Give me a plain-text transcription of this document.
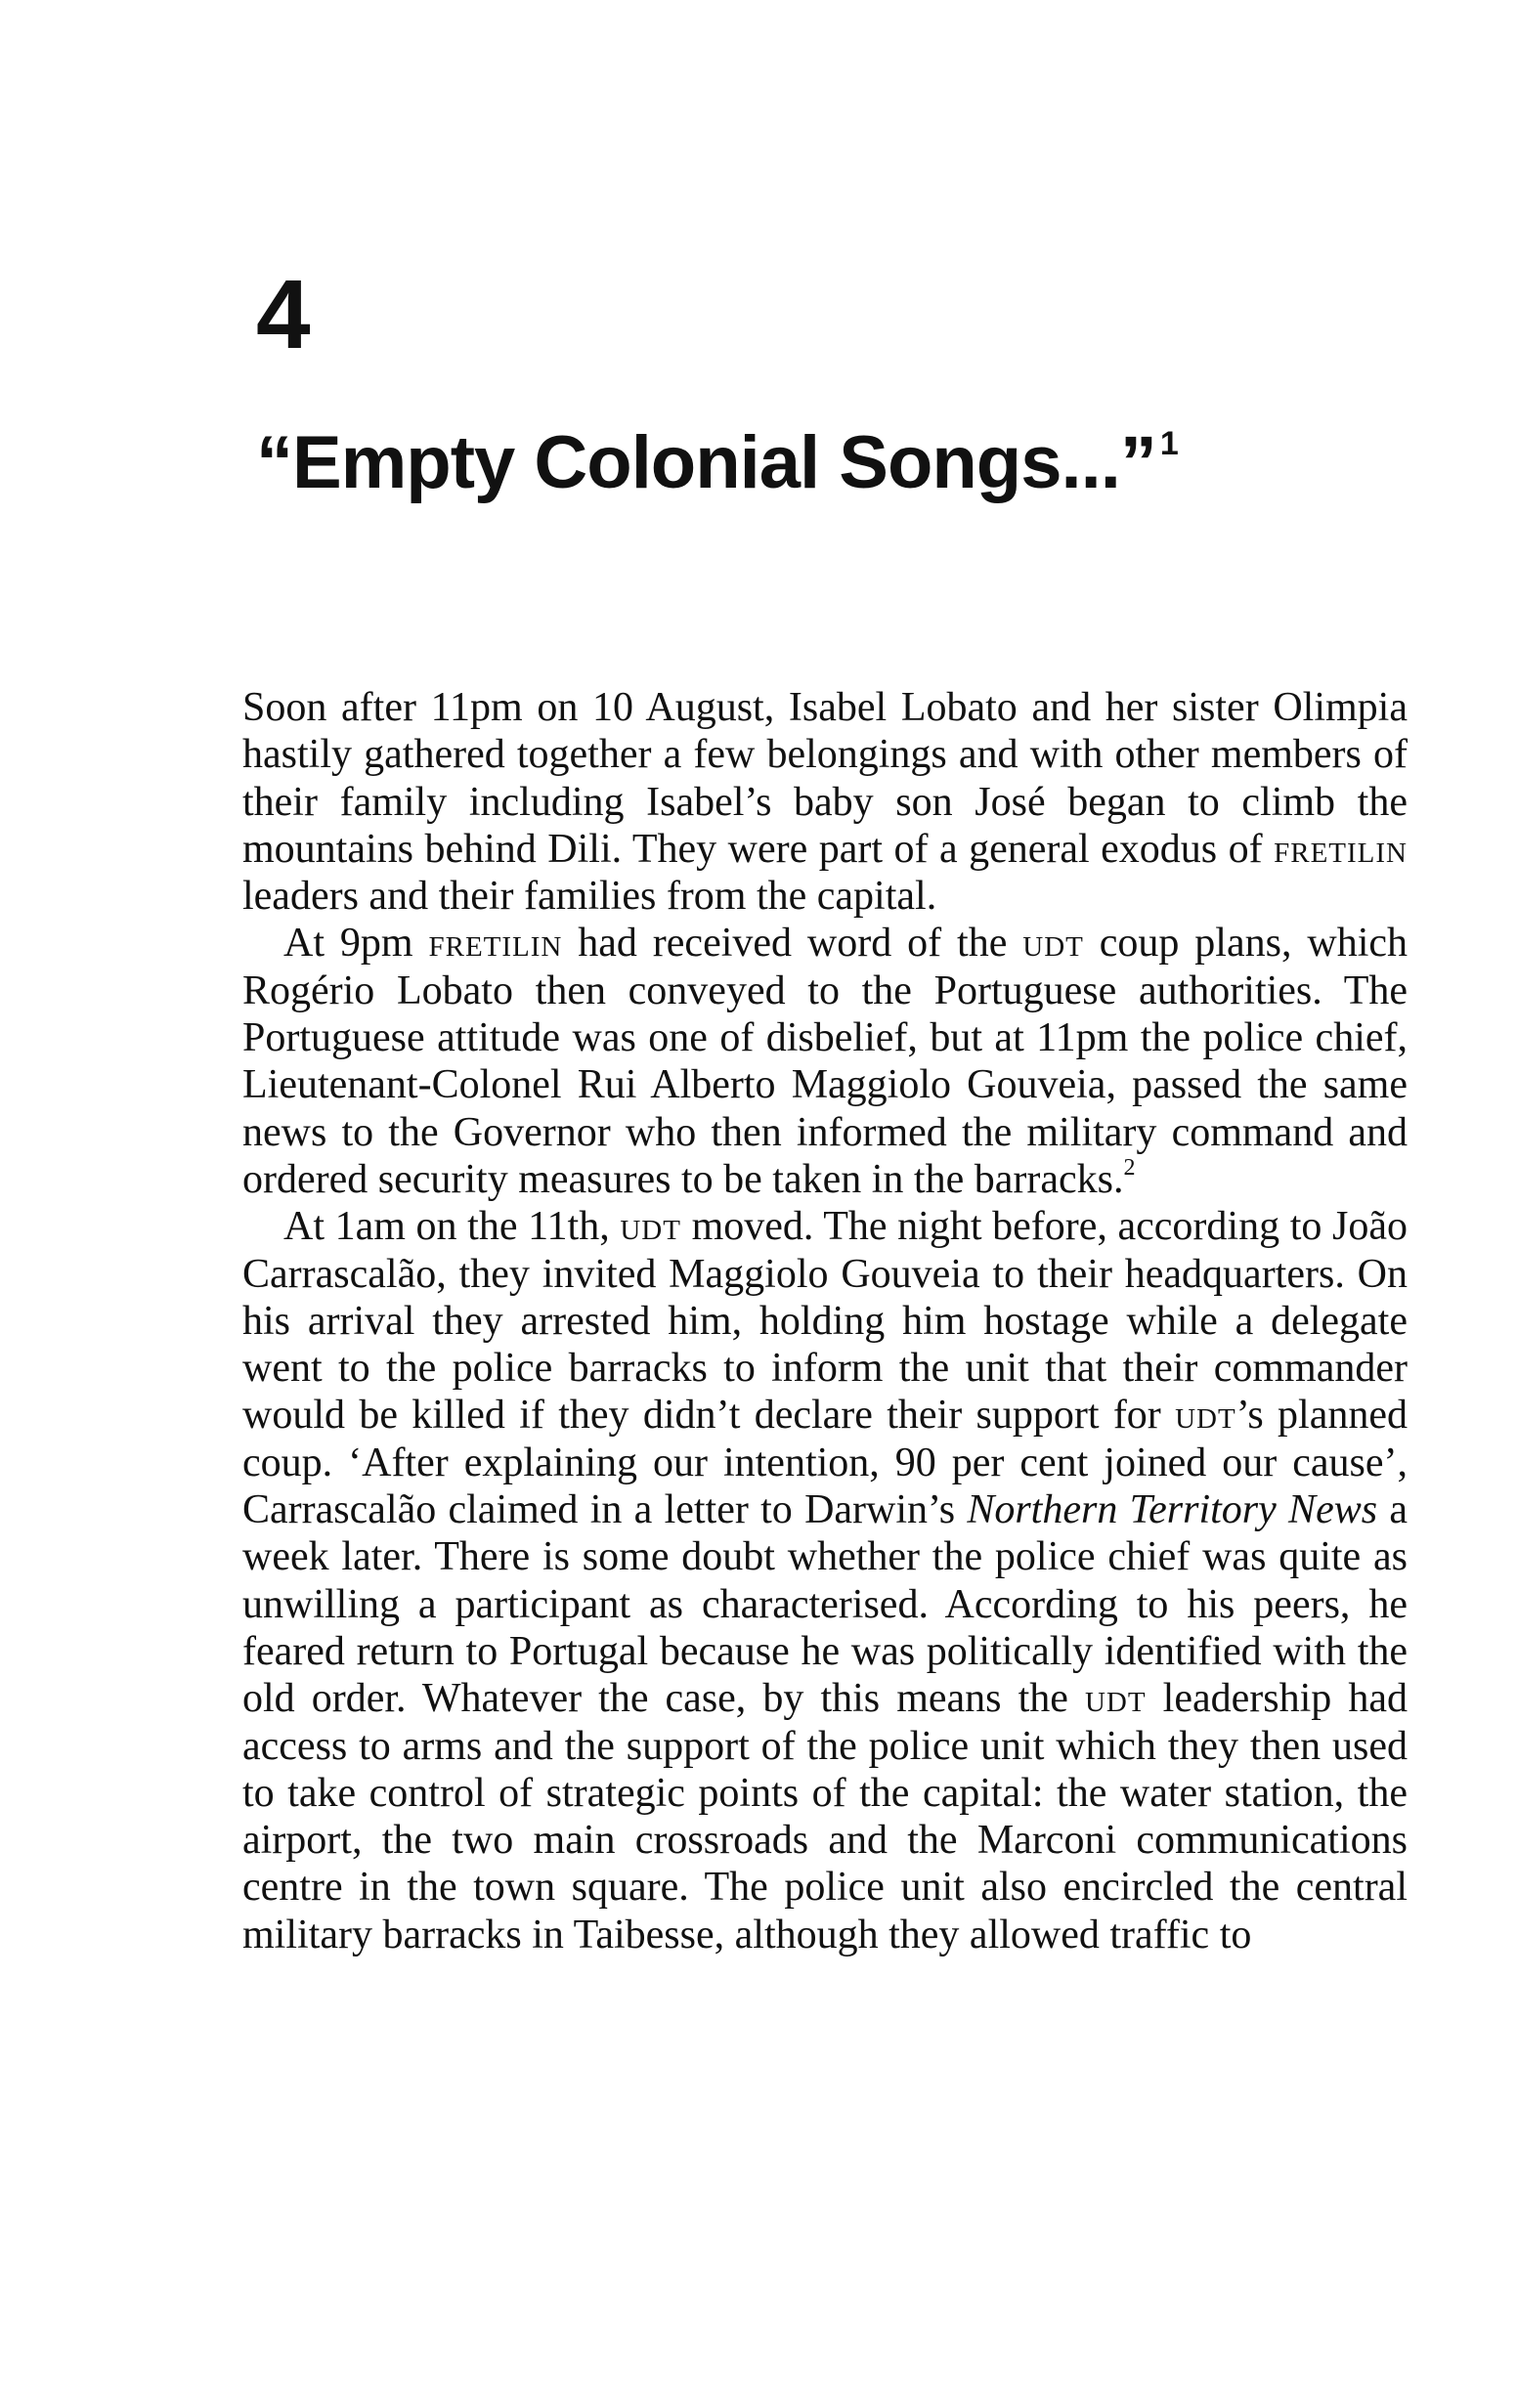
4
“Empty Colonial Songs...” $^1$

Soon after 11pm on 10 August, Isabel Lobato and her sister Olimpia hastily gathered together a few belongings and with other members of their family including Isabel’s baby son José began to climb the mountains behind Dili. They were part of a general exodus of fretilin leaders and their families from the capital.

At 9pm fretilin had received word of the udt coup plans, which Rogério Lobato then conveyed to the Portuguese authorities. The Portuguese attitude was one of disbelief, but at 11pm the police chief, Lieutenant-Colonel Rui Alberto Maggiolo Gouveia, passed the same news to the Governor who then informed the military command and ordered security measures to be taken in the barracks.$^2$

At 1am on the 11th, udt moved. The night before, according to João Carrascalão, they invited Maggiolo Gouveia to their headquarters. On his arrival they arrested him, holding him hostage while a delegate went to the police barracks to inform the unit that their commander would be killed if they didn’t declare their support for udt’s planned coup. ‘After explaining our intention, 90 per cent joined our cause’, Carrascalão claimed in a letter to Darwin’s Northern Territory News a week later. There is some doubt whether the police chief was quite as unwilling a participant as characterised. According to his peers, he feared return to Portugal because he was politically identified with the old order. Whatever the case, by this means the udt leadership had access to arms and the support of the police unit which they then used to take control of strategic points of the capital: the water station, the airport, the two main crossroads and the Marconi communications centre in the town square. The police unit also encircled the central military barracks in Taibesse, although they allowed traffic to
